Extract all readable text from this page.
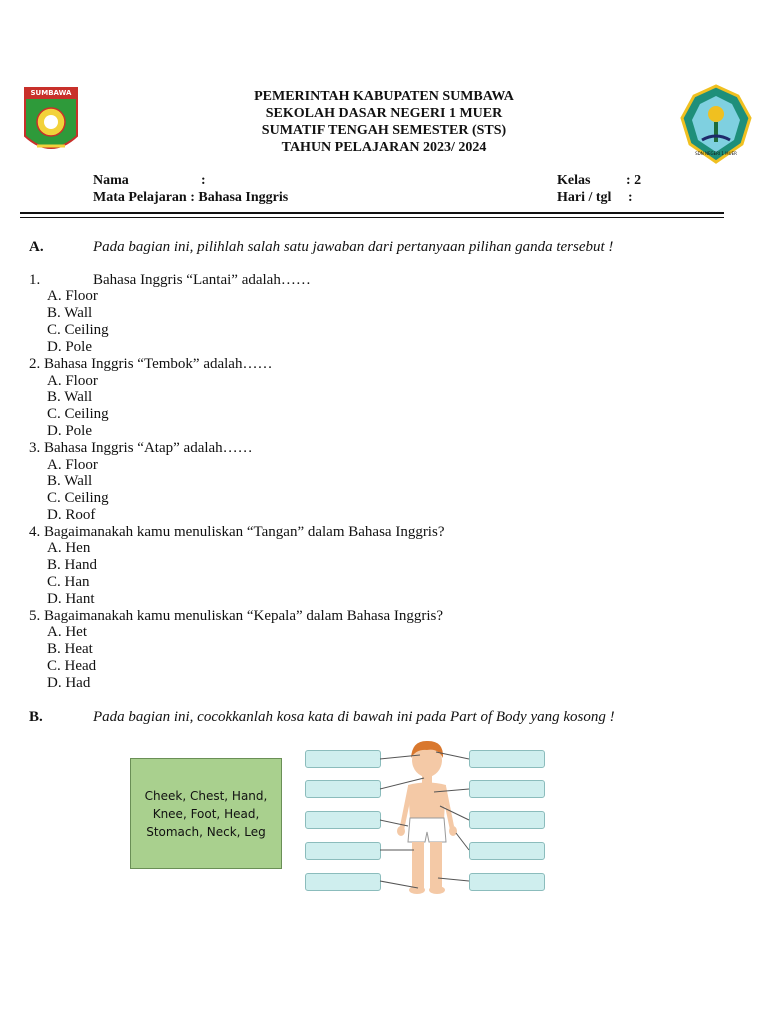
SUMBAWA
SDN NEGERI 1 MUER
PEMERINTAH KABUPATEN SUMBAWA
SEKOLAH DASAR NEGERI 1 MUER
SUMATIF TENGAH SEMESTER (STS)
TAHUN PELAJARAN 2023/ 2024
Nama	:
Mata Pelajaran : Bahasa Inggris
Kelas	: 2
Hari / tgl :
A.	Pada bagian ini, pilihlah salah satu jawaban dari pertanyaan pilihan ganda tersebut !
1.	Bahasa Inggris “Lantai” adalah……
A. Floor
B. Wall
C. Ceiling
D. Pole
2. Bahasa Inggris “Tembok” adalah……
A. Floor
B. Wall
C. Ceiling
D. Pole
3. Bahasa Inggris “Atap” adalah……
A. Floor
B. Wall
C. Ceiling
D. Roof
4. Bagaimanakah kamu menuliskan “Tangan” dalam Bahasa Inggris?
A. Hen
B. Hand
C. Han
D. Hant
5. Bagaimanakah kamu menuliskan “Kepala” dalam Bahasa Inggris?
A. Het
B. Heat
C. Head
D. Had
B.	Pada bagian ini, cocokkanlah kosa kata di bawah ini pada Part of Body yang kosong !
Cheek, Chest, Hand,
Knee, Foot, Head,
Stomach, Neck, Leg
